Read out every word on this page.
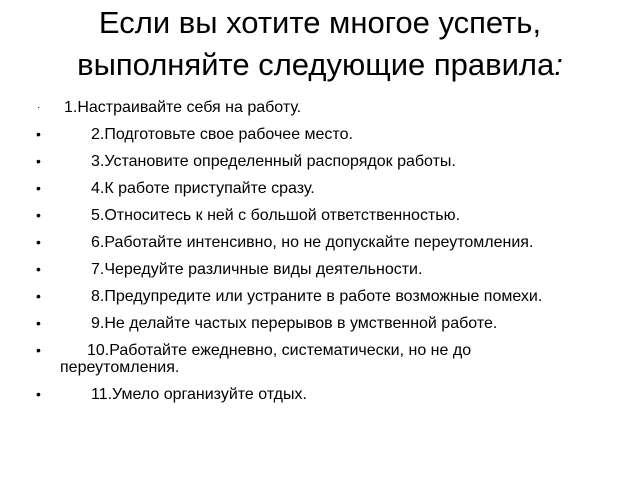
Если вы хотите многое успеть,
выполняйте следующие правила:
· 1.Настраивайте себя на работу.
•	2.Подготовьте свое рабочее место.
•	3.Установите определенный распорядок работы.
•	4.К работе приступайте сразу.
•	5.Относитесь к ней с большой ответственностью.
•	6.Работайте интенсивно, но не допускайте переутомления.
•	7.Чередуйте различные виды деятельности.
•	8.Предупредите или устраните в работе возможные помехи.
•	9.Не делайте частых перерывов в умственной работе.
•	10.Работайте ежедневно, систематически, но не до переутомления.
•	11.Умело организуйте отдых.
